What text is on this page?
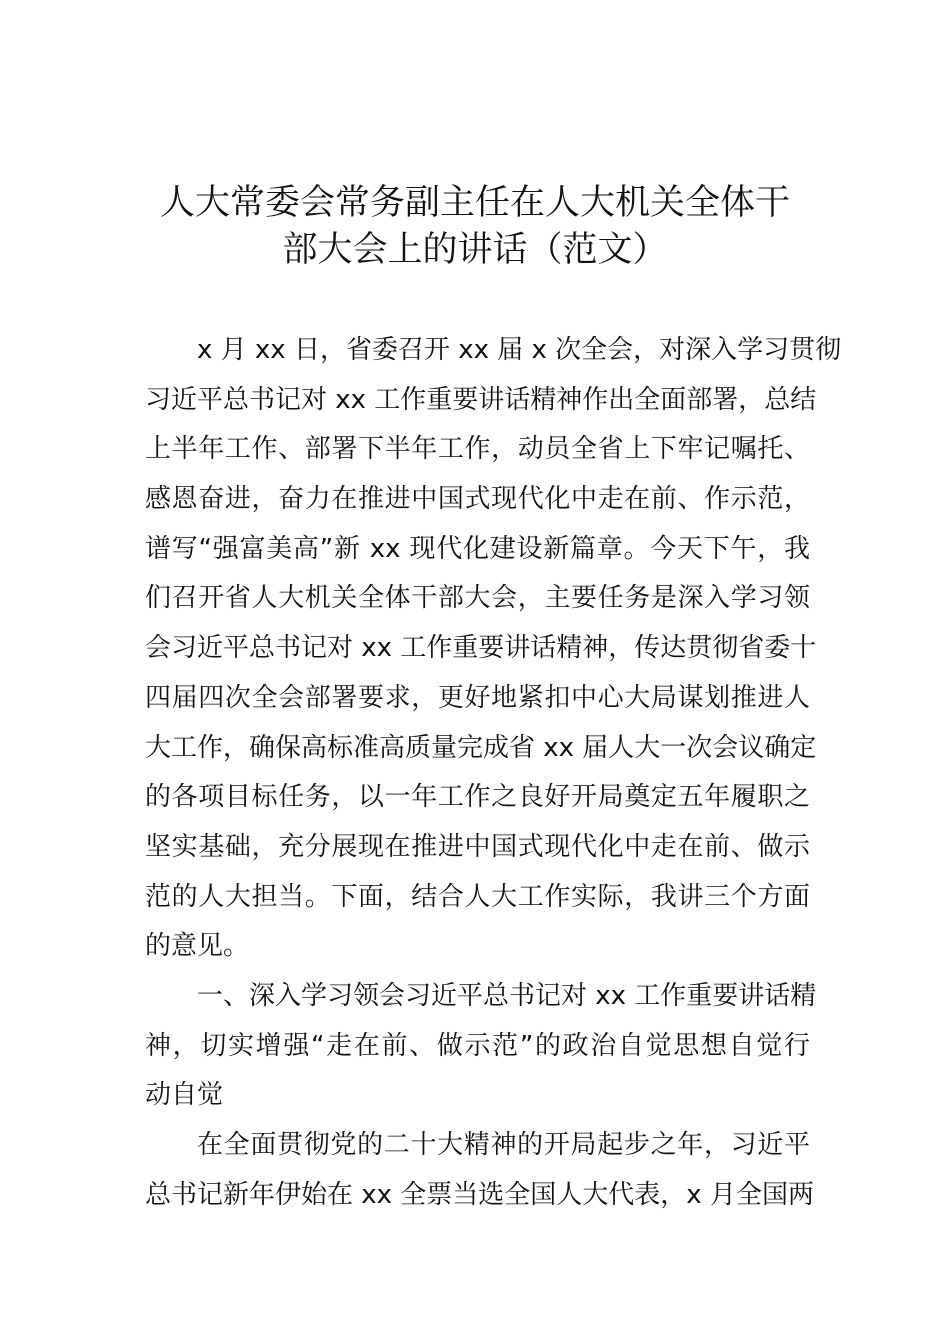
人大常委会常务副主任在人大机关全体干
部大会上的讲话（范文）
x 月 xx 日，省委召开 xx 届 x 次全会，对深入学习贯彻
习近平总书记对 xx 工作重要讲话精神作出全面部署，总结
上半年工作、部署下半年工作，动员全省上下牢记嘱托、
感恩奋进，奋力在推进中国式现代化中走在前、作示范，
谱写“强富美高”新 xx 现代化建设新篇章。今天下午，我
们召开省人大机关全体干部大会，主要任务是深入学习领
会习近平总书记对 xx 工作重要讲话精神，传达贯彻省委十
四届四次全会部署要求，更好地紧扣中心大局谋划推进人
大工作，确保高标准高质量完成省 xx 届人大一次会议确定
的各项目标任务，以一年工作之良好开局奠定五年履职之
坚实基础，充分展现在推进中国式现代化中走在前、做示
范的人大担当。下面，结合人大工作实际，我讲三个方面
的意见。
一、深入学习领会习近平总书记对 xx 工作重要讲话精
神，切实增强“走在前、做示范”的政治自觉思想自觉行
动自觉
在全面贯彻党的二十大精神的开局起步之年，习近平
总书记新年伊始在 xx 全票当选全国人大代表，x 月全国两
